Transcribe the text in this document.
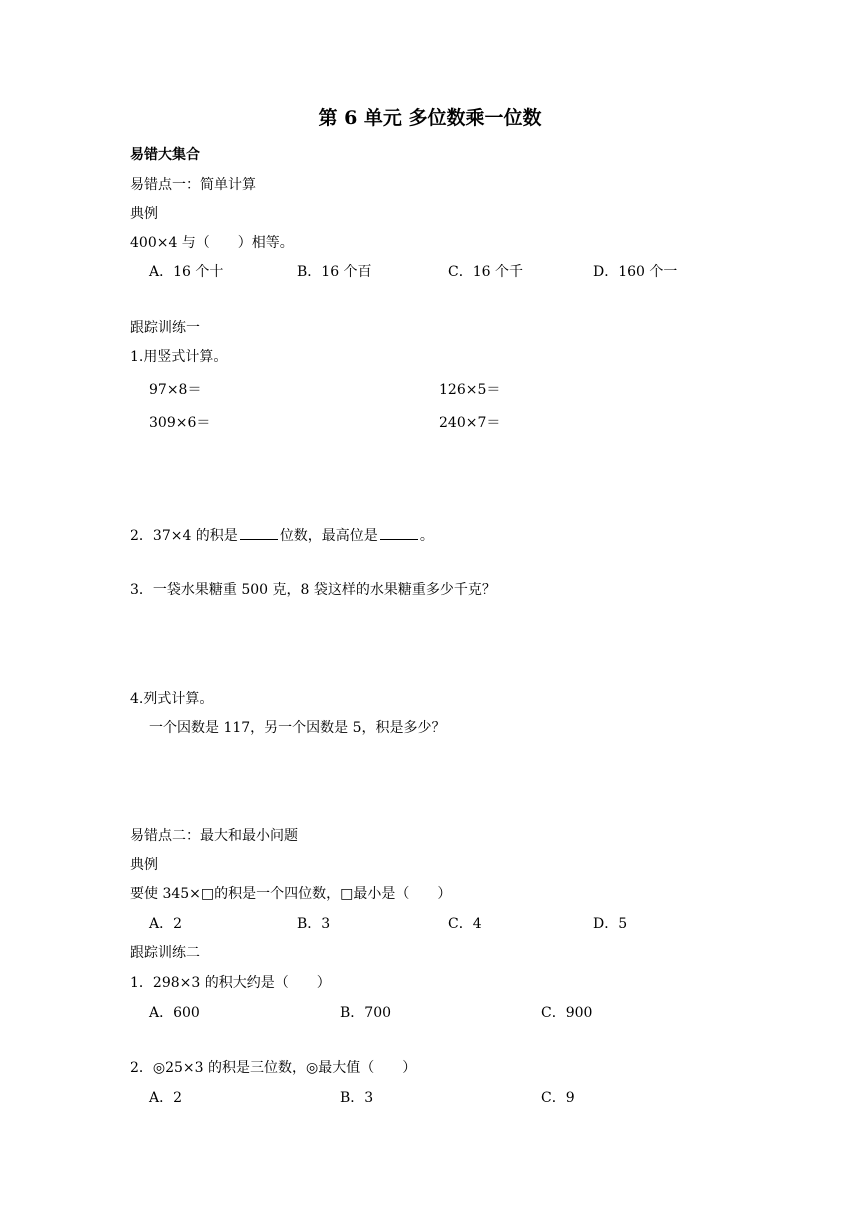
第 6 单元 多位数乘一位数
易错大集合
易错点一：简单计算
典例
400×4 与（　　）相等。
A．16 个十	B．16 个百	C．16 个千	D．160 个一
跟踪训练一
1.用竖式计算。
97×8＝	126×5＝
309×6＝	240×7＝
2．37×4 的积是	位数，最高位是	。
3．一袋水果糖重 500 克，8 袋这样的水果糖重多少千克？
4.列式计算。
一个因数是 117，另一个因数是 5，积是多少？
易错点二：最大和最小问题
典例
要使 345×□的积是一个四位数，□最小是（　　）
A．2	B．3	C．4	D．5
跟踪训练二
1．298×3 的积大约是（　　）
A．600	B．700	C．900
2．◎25×3 的积是三位数，◎最大值（　　）
A．2	B．3	C．9
